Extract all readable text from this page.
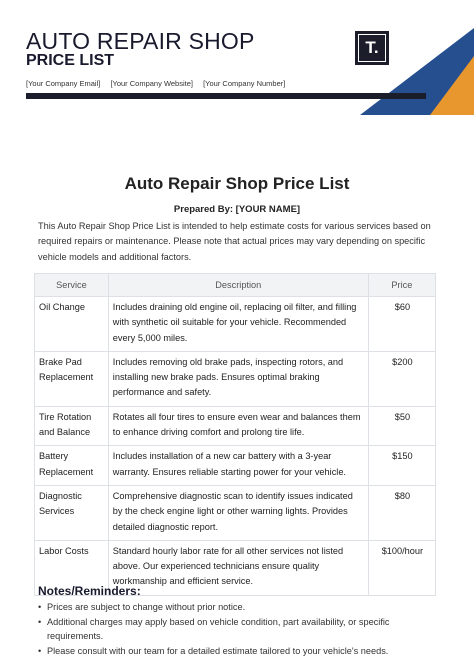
AUTO REPAIR SHOP
PRICE LIST
[Your Company Email] [Your Company Website] [Your Company Number]
T.
Auto Repair Shop Price List
Prepared By: [YOUR NAME]
This Auto Repair Shop Price List is intended to help estimate costs for various services based on required repairs or maintenance. Please note that actual prices may vary depending on specific vehicle models and additional factors.
Service	Description	Price
Oil Change	Includes draining old engine oil, replacing oil filter, and filling with synthetic oil suitable for your vehicle. Recommended every 5,000 miles.	$60
Brake Pad Replacement	Includes removing old brake pads, inspecting rotors, and installing new brake pads. Ensures optimal braking performance and safety.	$200
Tire Rotation and Balance	Rotates all four tires to ensure even wear and balances them to enhance driving comfort and prolong tire life.	$50
Battery Replacement	Includes installation of a new car battery with a 3-year warranty. Ensures reliable starting power for your vehicle.	$150
Diagnostic Services	Comprehensive diagnostic scan to identify issues indicated by the check engine light or other warning lights. Provides detailed diagnostic report.	$80
Labor Costs	Standard hourly labor rate for all other services not listed above. Our experienced technicians ensure quality workmanship and efficient service.	$100/hour
Notes/Reminders:
• Prices are subject to change without prior notice.
• Additional charges may apply based on vehicle condition, part availability, or specific requirements.
• Please consult with our team for a detailed estimate tailored to your vehicle's needs.
